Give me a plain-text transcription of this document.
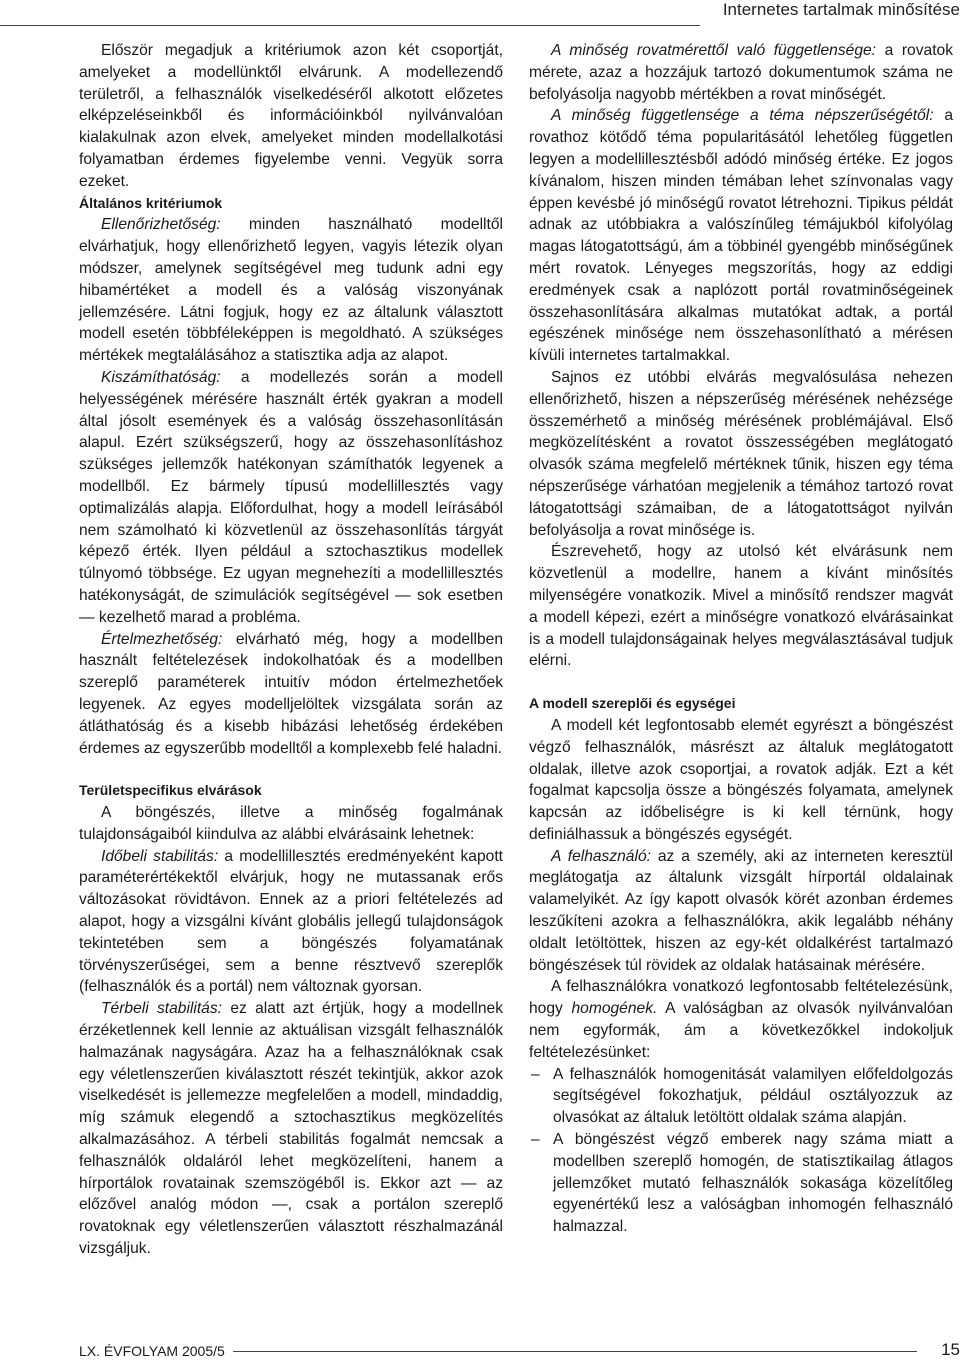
Internetes tartalmak minősítése

Először megadjuk a kritériumok azon két csoportját, amelyeket a modellünktől elvárunk. A modellezendő területről, a felhasználók viselkedéséről alkotott előzetes elképzeléseinkből és információinkból nyilvánvalóan kialakulnak azon elvek, amelyeket minden modellalkotási folyamatban érdemes figyelembe venni. Vegyük sorra ezeket.

Általános kritériumok

Ellenőrizhetőség: minden használható modelltől elvárhatjuk, hogy ellenőrizhető legyen, vagyis létezik olyan módszer, amelynek segítségével meg tudunk adni egy hibamértéket a modell és a valóság viszonyának jellemzésére. Látni fogjuk, hogy ez az általunk választott modell esetén többféleképpen is megoldható. A szükséges mértékek megtalálásához a statisztika adja az alapot.

Kiszámíthatóság: a modellezés során a modell helyességének mérésére használt érték gyakran a modell által jósolt események és a valóság összehasonlításán alapul. Ezért szükségszerű, hogy az összehasonlításhoz szükséges jellemzők hatékonyan számíthatók legyenek a modellből. Ez bármely típusú modellillesztés vagy optimalizálás alapja. Előfordulhat, hogy a modell leírásából nem számolható ki közvetlenül az összehasonlítás tárgyát képező érték. Ilyen például a sztochasztikus modellek túlnyomó többsége. Ez ugyan megnehezíti a modellillesztés hatékonyságát, de szimulációk segítségével — sok esetben — kezelhető marad a probléma.

Értelmezhetőség: elvárható még, hogy a modellben használt feltételezések indokolhatóak és a modellben szereplő paraméterek intuitív módon értelmezhetőek legyenek. Az egyes modelljelöltek vizsgálata során az átláthatóság és a kisebb hibázási lehetőség érdekében érdemes az egyszerűbb modelltől a komplexebb felé haladni.

Területspecifikus elvárások

A böngészés, illetve a minőség fogalmának tulajdonságaiból kiindulva az alábbi elvárásaink lehetnek:

Időbeli stabilitás: a modellillesztés eredményeként kapott paraméterértékektől elvárjuk, hogy ne mutassanak erős változásokat rövidtávon. Ennek az a priori feltételezés ad alapot, hogy a vizsgálni kívánt globális jellegű tulajdonságok tekintetében sem a böngészés folyamatának törvényszerűségei, sem a benne résztvevő szereplők (felhasználók és a portál) nem változnak gyorsan.

Térbeli stabilitás: ez alatt azt értjük, hogy a modellnek érzéketlennek kell lennie az aktuálisan vizsgált felhasználók halmazának nagyságára. Azaz ha a felhasználóknak csak egy véletlenszerűen kiválasztott részét tekintjük, akkor azok viselkedését is jellemezze megfelelően a modell, mindaddig, míg számuk elegendő a sztochasztikus megközelítés alkalmazásához. A térbeli stabilitás fogalmát nemcsak a felhasználók oldaláról lehet megközelíteni, hanem a hírportálok rovatainak szemszögéből is. Ekkor azt — az előzővel analóg módon —, csak a portálon szereplő rovatoknak egy véletlenszerűen választott részhalmazánál vizsgáljuk.

A minőség rovatmérettől való függetlensége: a rovatok mérete, azaz a hozzájuk tartozó dokumentumok száma ne befolyásolja nagyobb mértékben a rovat minőségét.

A minőség függetlensége a téma népszerűségétől: a rovathoz kötődő téma popularitásától lehetőleg független legyen a modellillesztésből adódó minőség értéke. Ez jogos kívánalom, hiszen minden témában lehet színvonalas vagy éppen kevésbé jó minőségű rovatot létrehozni. Tipikus példát adnak az utóbbiakra a valószínűleg témájukból kifolyólag magas látogatottságú, ám a többinél gyengébb minőségűnek mért rovatok. Lényeges megszorítás, hogy az eddigi eredmények csak a naplózott portál rovatminőségeinek összehasonlítására alkalmas mutatókat adtak, a portál egészének minősége nem összehasonlítható a mérésen kívüli internetes tartalmakkal.

Sajnos ez utóbbi elvárás megvalósulása nehezen ellenőrizhető, hiszen a népszerűség mérésének nehézsége összemérhető a minőség mérésének problémájával. Első megközelítésként a rovatot összességében meglátogató olvasók száma megfelelő mértéknek tűnik, hiszen egy téma népszerűsége várhatóan megjelenik a témához tartozó rovat látogatottsági számaiban, de a látogatottságot nyilván befolyásolja a rovat minősége is.

Észrevehető, hogy az utolsó két elvárásunk nem közvetlenül a modellre, hanem a kívánt minősítés milyenségére vonatkozik. Mivel a minősítő rendszer magvát a modell képezi, ezért a minőségre vonatkozó elvárásainkat is a modell tulajdonságainak helyes megválasztásával tudjuk elérni.

A modell szereplői és egységei

A modell két legfontosabb elemét egyrészt a böngészést végző felhasználók, másrészt az általuk meglátogatott oldalak, illetve azok csoportjai, a rovatok adják. Ezt a két fogalmat kapcsolja össze a böngészés folyamata, amelynek kapcsán az időbeliségre is ki kell térnünk, hogy definiálhassuk a böngészés egységét.

A felhasználó: az a személy, aki az interneten keresztül meglátogatja az általunk vizsgált hírportál oldalainak valamelyikét. Az így kapott olvasók körét azonban érdemes leszűkíteni azokra a felhasználókra, akik legalább néhány oldalt letöltöttek, hiszen az egy-két oldalkérést tartalmazó böngészések túl rövidek az oldalak hatásainak mérésére.

A felhasználókra vonatkozó legfontosabb feltételezésünk, hogy homogének. A valóságban az olvasók nyilvánvalóan nem egyformák, ám a következőkkel indokoljuk feltételezésünket:

– A felhasználók homogenitását valamilyen előfeldolgozás segítségével fokozhatjuk, például osztályozzuk az olvasókat az általuk letöltött oldalak száma alapján.
– A böngészést végző emberek nagy száma miatt a modellben szereplő homogén, de statisztikailag átlagos jellemzőket mutató felhasználók sokasága közelítőleg egyenértékű lesz a valóságban inhomogén felhasználó halmazzal.
LX. ÉVFOLYAM 2005/5	15
